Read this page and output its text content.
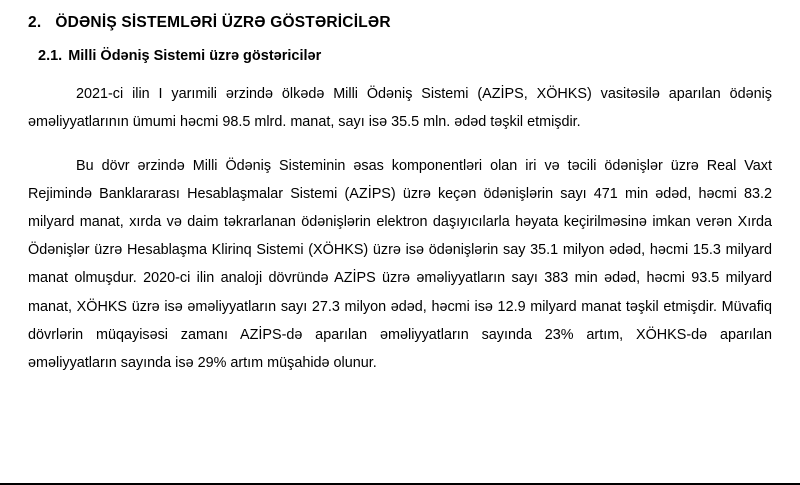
2. ÖDƏNİŞ SİSTEMLƏRİ ÜZRƏ GÖSTƏRİCİLƏR
2.1. Milli Ödəniş Sistemi üzrə göstəricilər

2021-ci ilin I yarımili ərzində ölkədə Milli Ödəniş Sistemi (AZİPS, XÖHKS) vasitəsilə aparılan ödəniş əməliyyatlarının ümumi həcmi 98.5 mlrd. manat, sayı isə 35.5 mln. ədəd təşkil etmişdir.

Bu dövr ərzində Milli Ödəniş Sisteminin əsas komponentləri olan iri və təcili ödənişlər üzrə Real Vaxt Rejimində Banklararası Hesablaşmalar Sistemi (AZİPS) üzrə keçən ödənişlərin sayı 471 min ədəd, həcmi 83.2 milyard manat, xırda və daim təkrarlanan ödənişlərin elektron daşıyıcılarla həyata keçirilməsinə imkan verən Xırda Ödənişlər üzrə Hesablaşma Klirinq Sistemi (XÖHKS) üzrə isə ödənişlərin say 35.1 milyon ədəd, həcmi 15.3 milyard manat olmuşdur. 2020-ci ilin analoji dövründə AZİPS üzrə əməliyyatların sayı 383 min ədəd, həcmi 93.5 milyard manat, XÖHKS üzrə isə əməliyyatların sayı 27.3 milyon ədəd, həcmi isə 12.9 milyard manat təşkil etmişdir. Müvafiq dövrlərin müqayisəsi zamanı AZİPS-də aparılan əməliyyatların sayında 23% artım, XÖHKS-də aparılan əməliyyatların sayında isə 29% artım müşahidə olunur.
